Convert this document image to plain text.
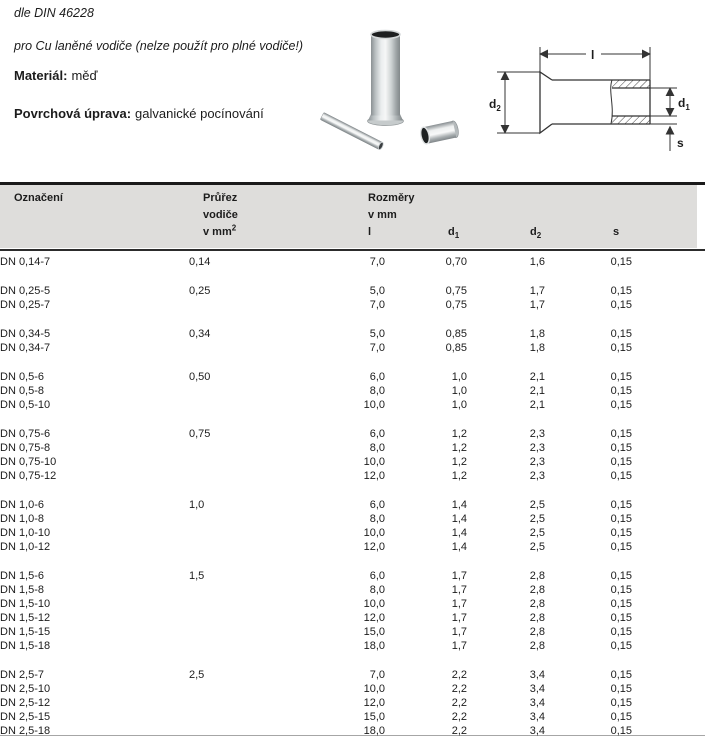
dle DIN 46228
pro Cu laněné vodiče (nelze použít pro plné vodiče!)
Materiál: měď
Povrchová úprava: galvanické pocínování
l
$d_1$
$d_2$
s
Označení	Průřez
vodiče
v $mm^2$
Rozměry
v mm
l	$d_1$	$d_2$	s
DN 0,14-7	0,14	7,0	0,70	1,6	0,15	
DN 0,25-5	0,25	5,0	0,75	1,7	0,15	
DN 0,25-7		7,0	0,75	1,7	0,15	
DN 0,34-5	0,34	5,0	0,85	1,8	0,15	
DN 0,34-7		7,0	0,85	1,8	0,15	
DN 0,5-6	0,50	6,0	1,0	2,1	0,15	
DN 0,5-8		8,0	1,0	2,1	0,15	
DN 0,5-10		10,0	1,0	2,1	0,15	
DN 0,75-6	0,75	6,0	1,2	2,3	0,15	
DN 0,75-8		8,0	1,2	2,3	0,15	
DN 0,75-10		10,0	1,2	2,3	0,15	
DN 0,75-12		12,0	1,2	2,3	0,15	
DN 1,0-6	1,0	6,0	1,4	2,5	0,15	
DN 1,0-8		8,0	1,4	2,5	0,15	
DN 1,0-10		10,0	1,4	2,5	0,15	
DN 1,0-12		12,0	1,4	2,5	0,15	
DN 1,5-6	1,5	6,0	1,7	2,8	0,15	
DN 1,5-8		8,0	1,7	2,8	0,15	
DN 1,5-10		10,0	1,7	2,8	0,15	
DN 1,5-12		12,0	1,7	2,8	0,15	
DN 1,5-15		15,0	1,7	2,8	0,15	
DN 1,5-18		18,0	1,7	2,8	0,15	
DN 2,5-7	2,5	7,0	2,2	3,4	0,15	
DN 2,5-10		10,0	2,2	3,4	0,15	
DN 2,5-12		12,0	2,2	3,4	0,15	
DN 2,5-15		15,0	2,2	3,4	0,15	
DN 2,5-18		18,0	2,2	3,4	0,15	
